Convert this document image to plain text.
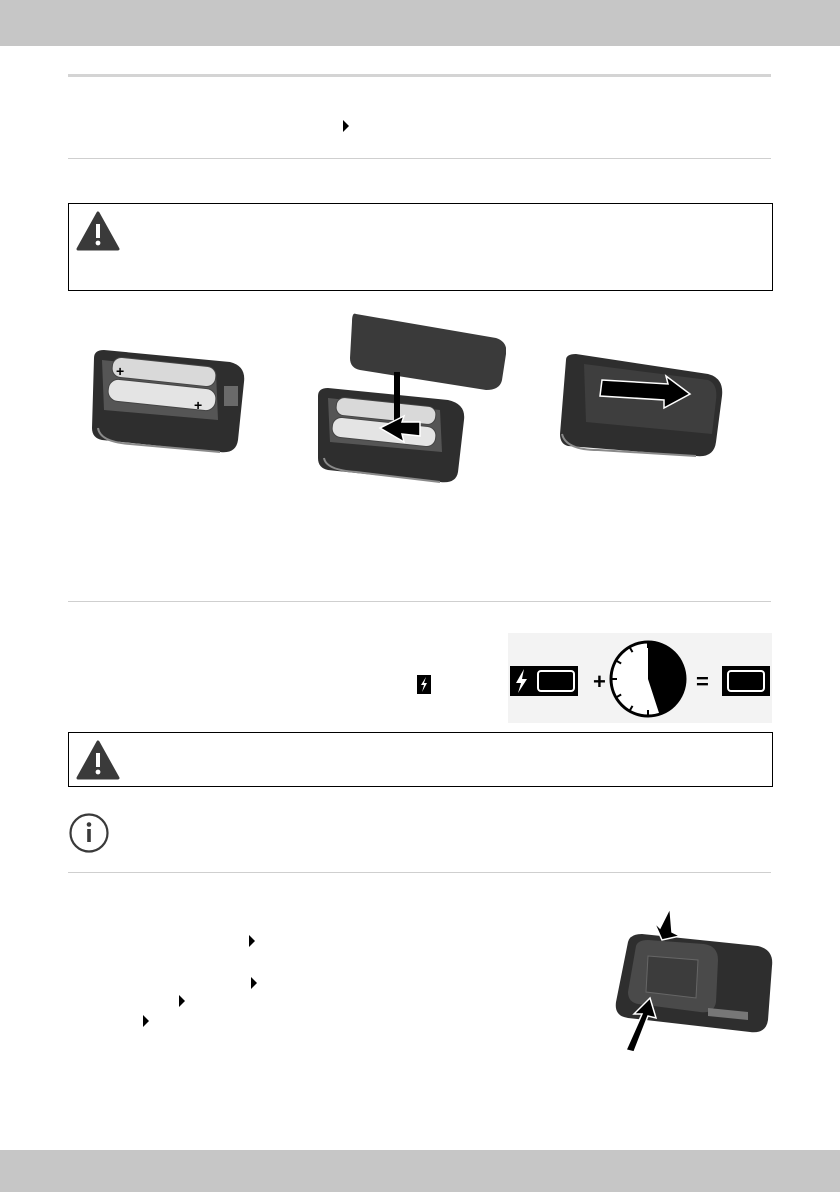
+
+
+	=
